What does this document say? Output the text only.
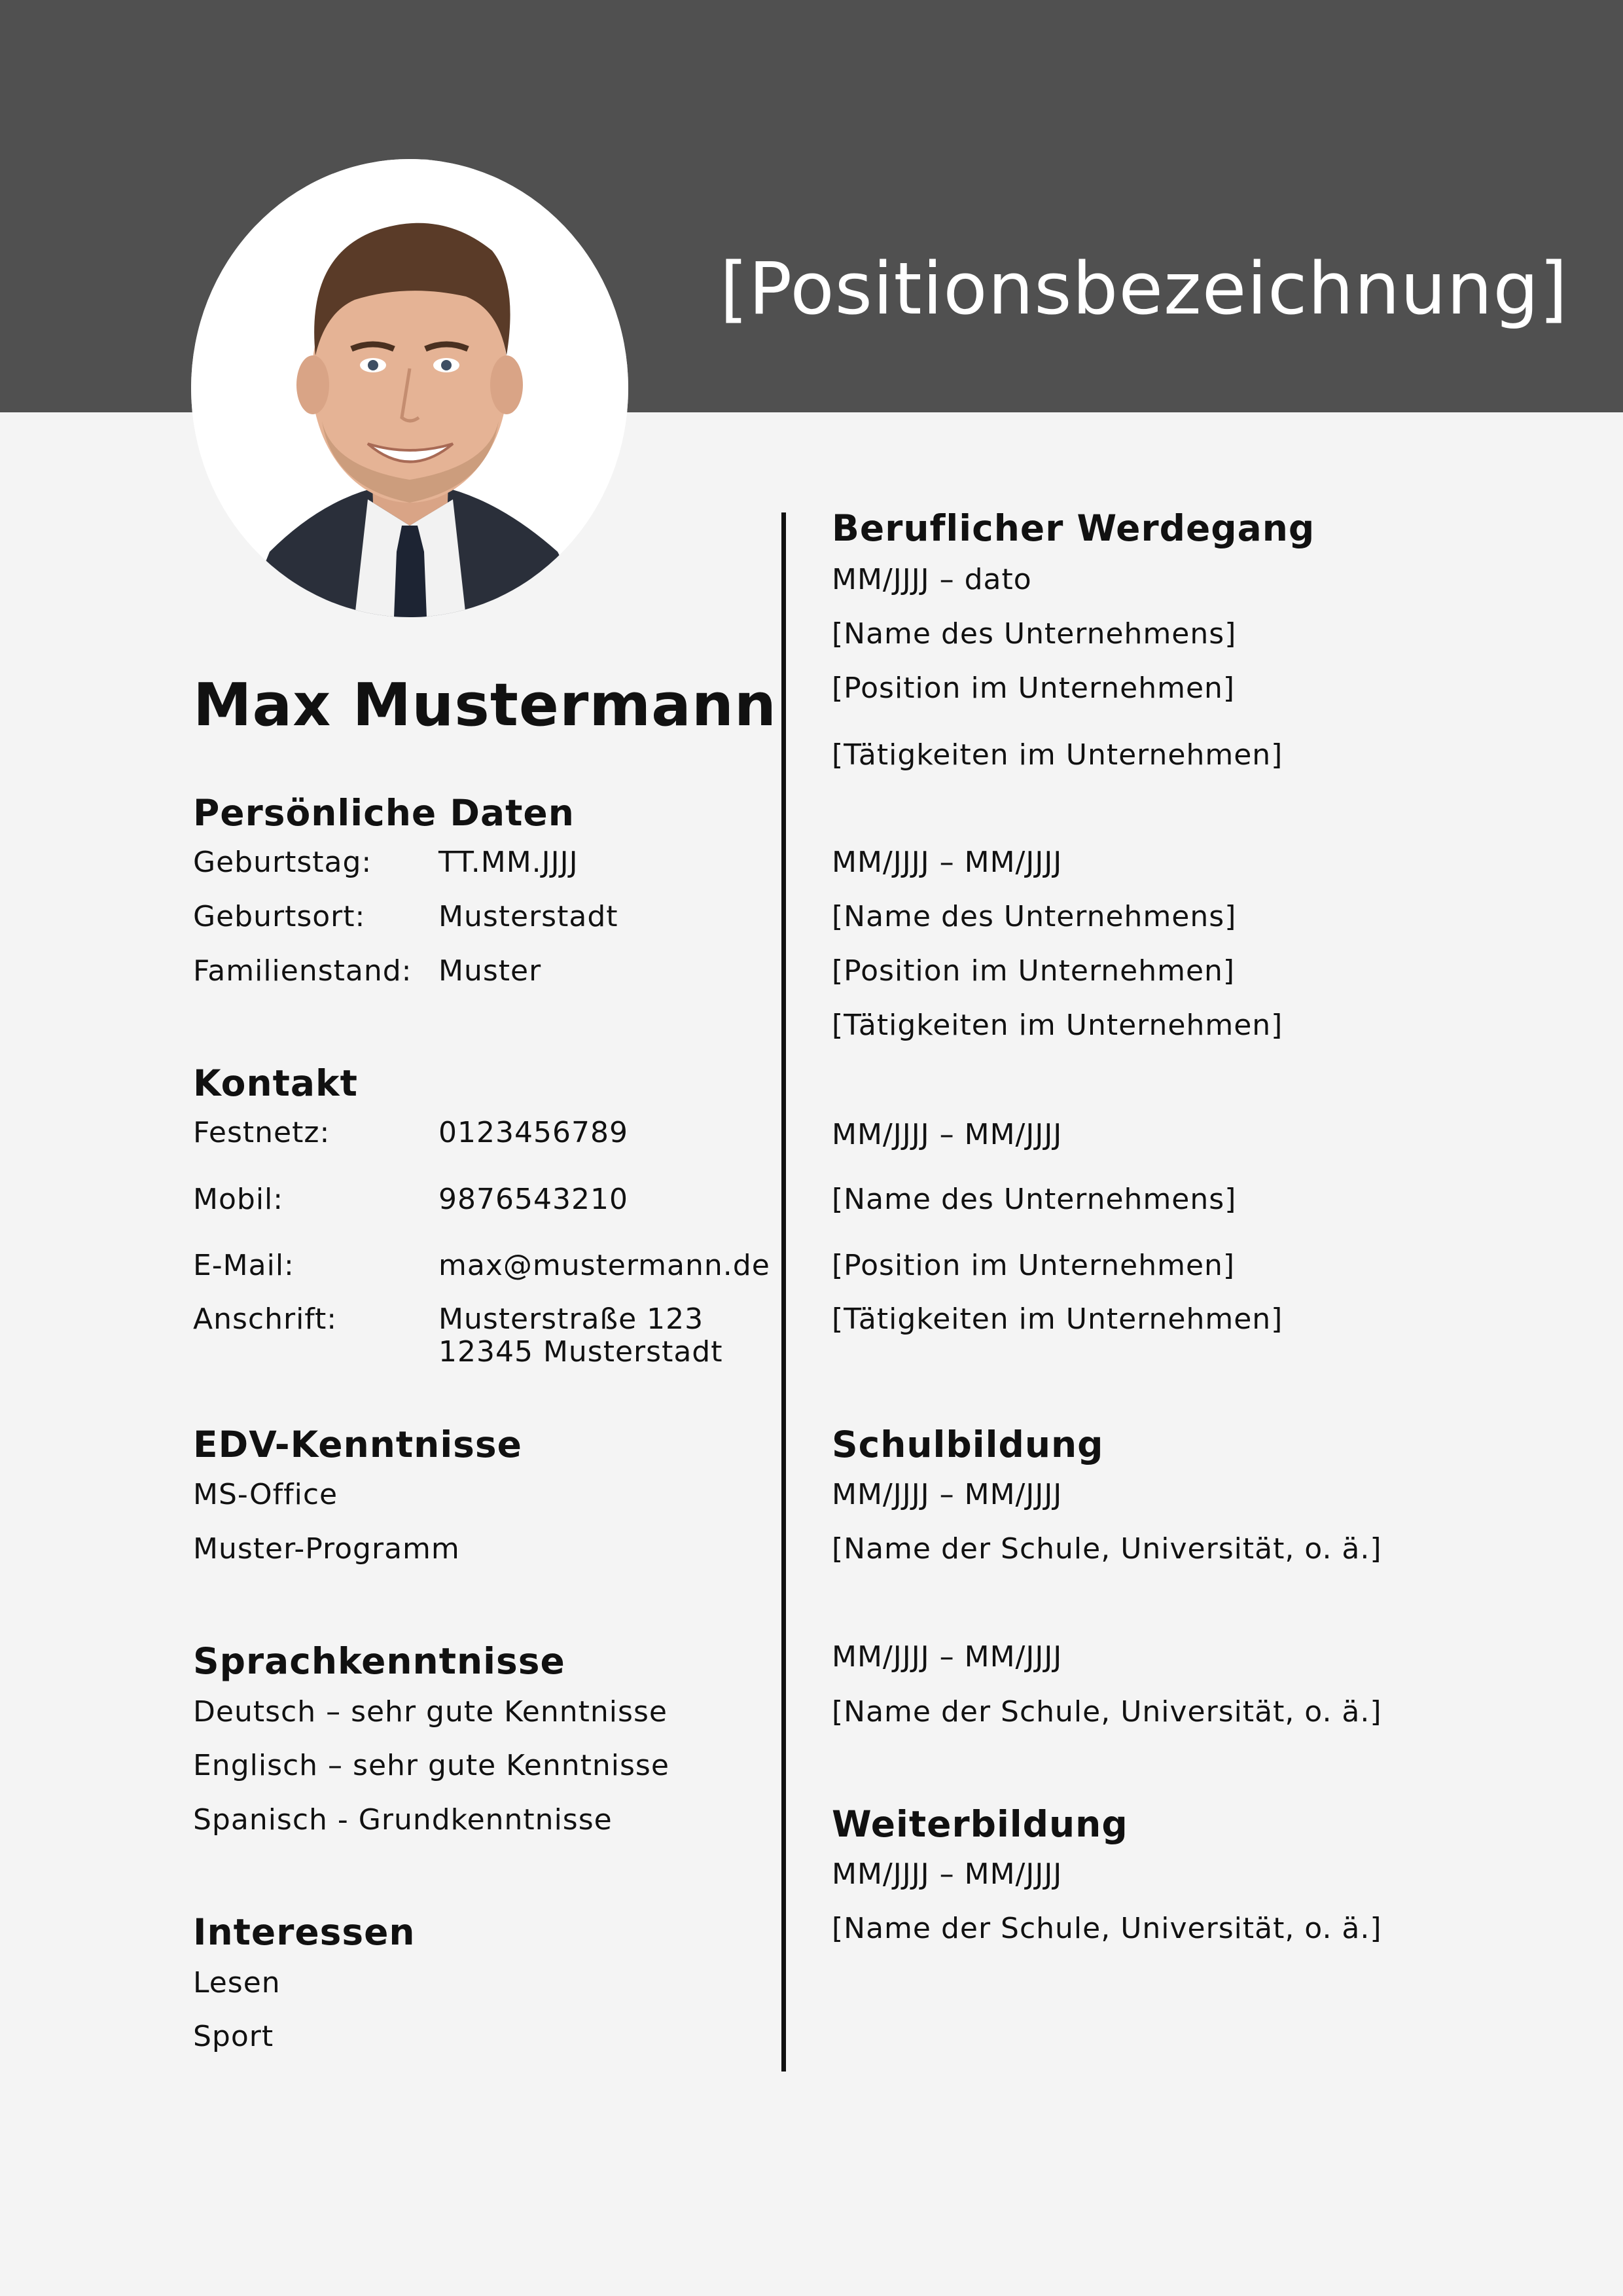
[Positionsbezeichnung]
Max Mustermann
Persönliche Daten
Geburtstag: TT.MM.JJJJ
Geburtsort:	Musterstadt
Familienstand: Muster
Kontakt
Festnetz:	0123456789
Mobil:	9876543210
E-Mail:	max@mustermann.de
Anschrift:	Musterstraße 123
12345 Musterstadt
EDV-Kenntnisse
MS-Office
Muster-Programm
Sprachkenntnisse
Deutsch – sehr gute Kenntnisse
Englisch – sehr gute Kenntnisse
Spanisch - Grundkenntnisse
Interessen
Lesen
Sport
Beruflicher Werdegang
MM/JJJJ – dato
[Name des Unternehmens]
[Position im Unternehmen]
[Tätigkeiten im Unternehmen]
MM/JJJJ – MM/JJJJ
[Name des Unternehmens]
[Position im Unternehmen]
[Tätigkeiten im Unternehmen]
MM/JJJJ – MM/JJJJ
[Name des Unternehmens]
[Position im Unternehmen]
[Tätigkeiten im Unternehmen]
Schulbildung
MM/JJJJ – MM/JJJJ
[Name der Schule, Universität, o. ä.]
MM/JJJJ – MM/JJJJ
[Name der Schule, Universität, o. ä.]
Weiterbildung
MM/JJJJ – MM/JJJJ
[Name der Schule, Universität, o. ä.]
